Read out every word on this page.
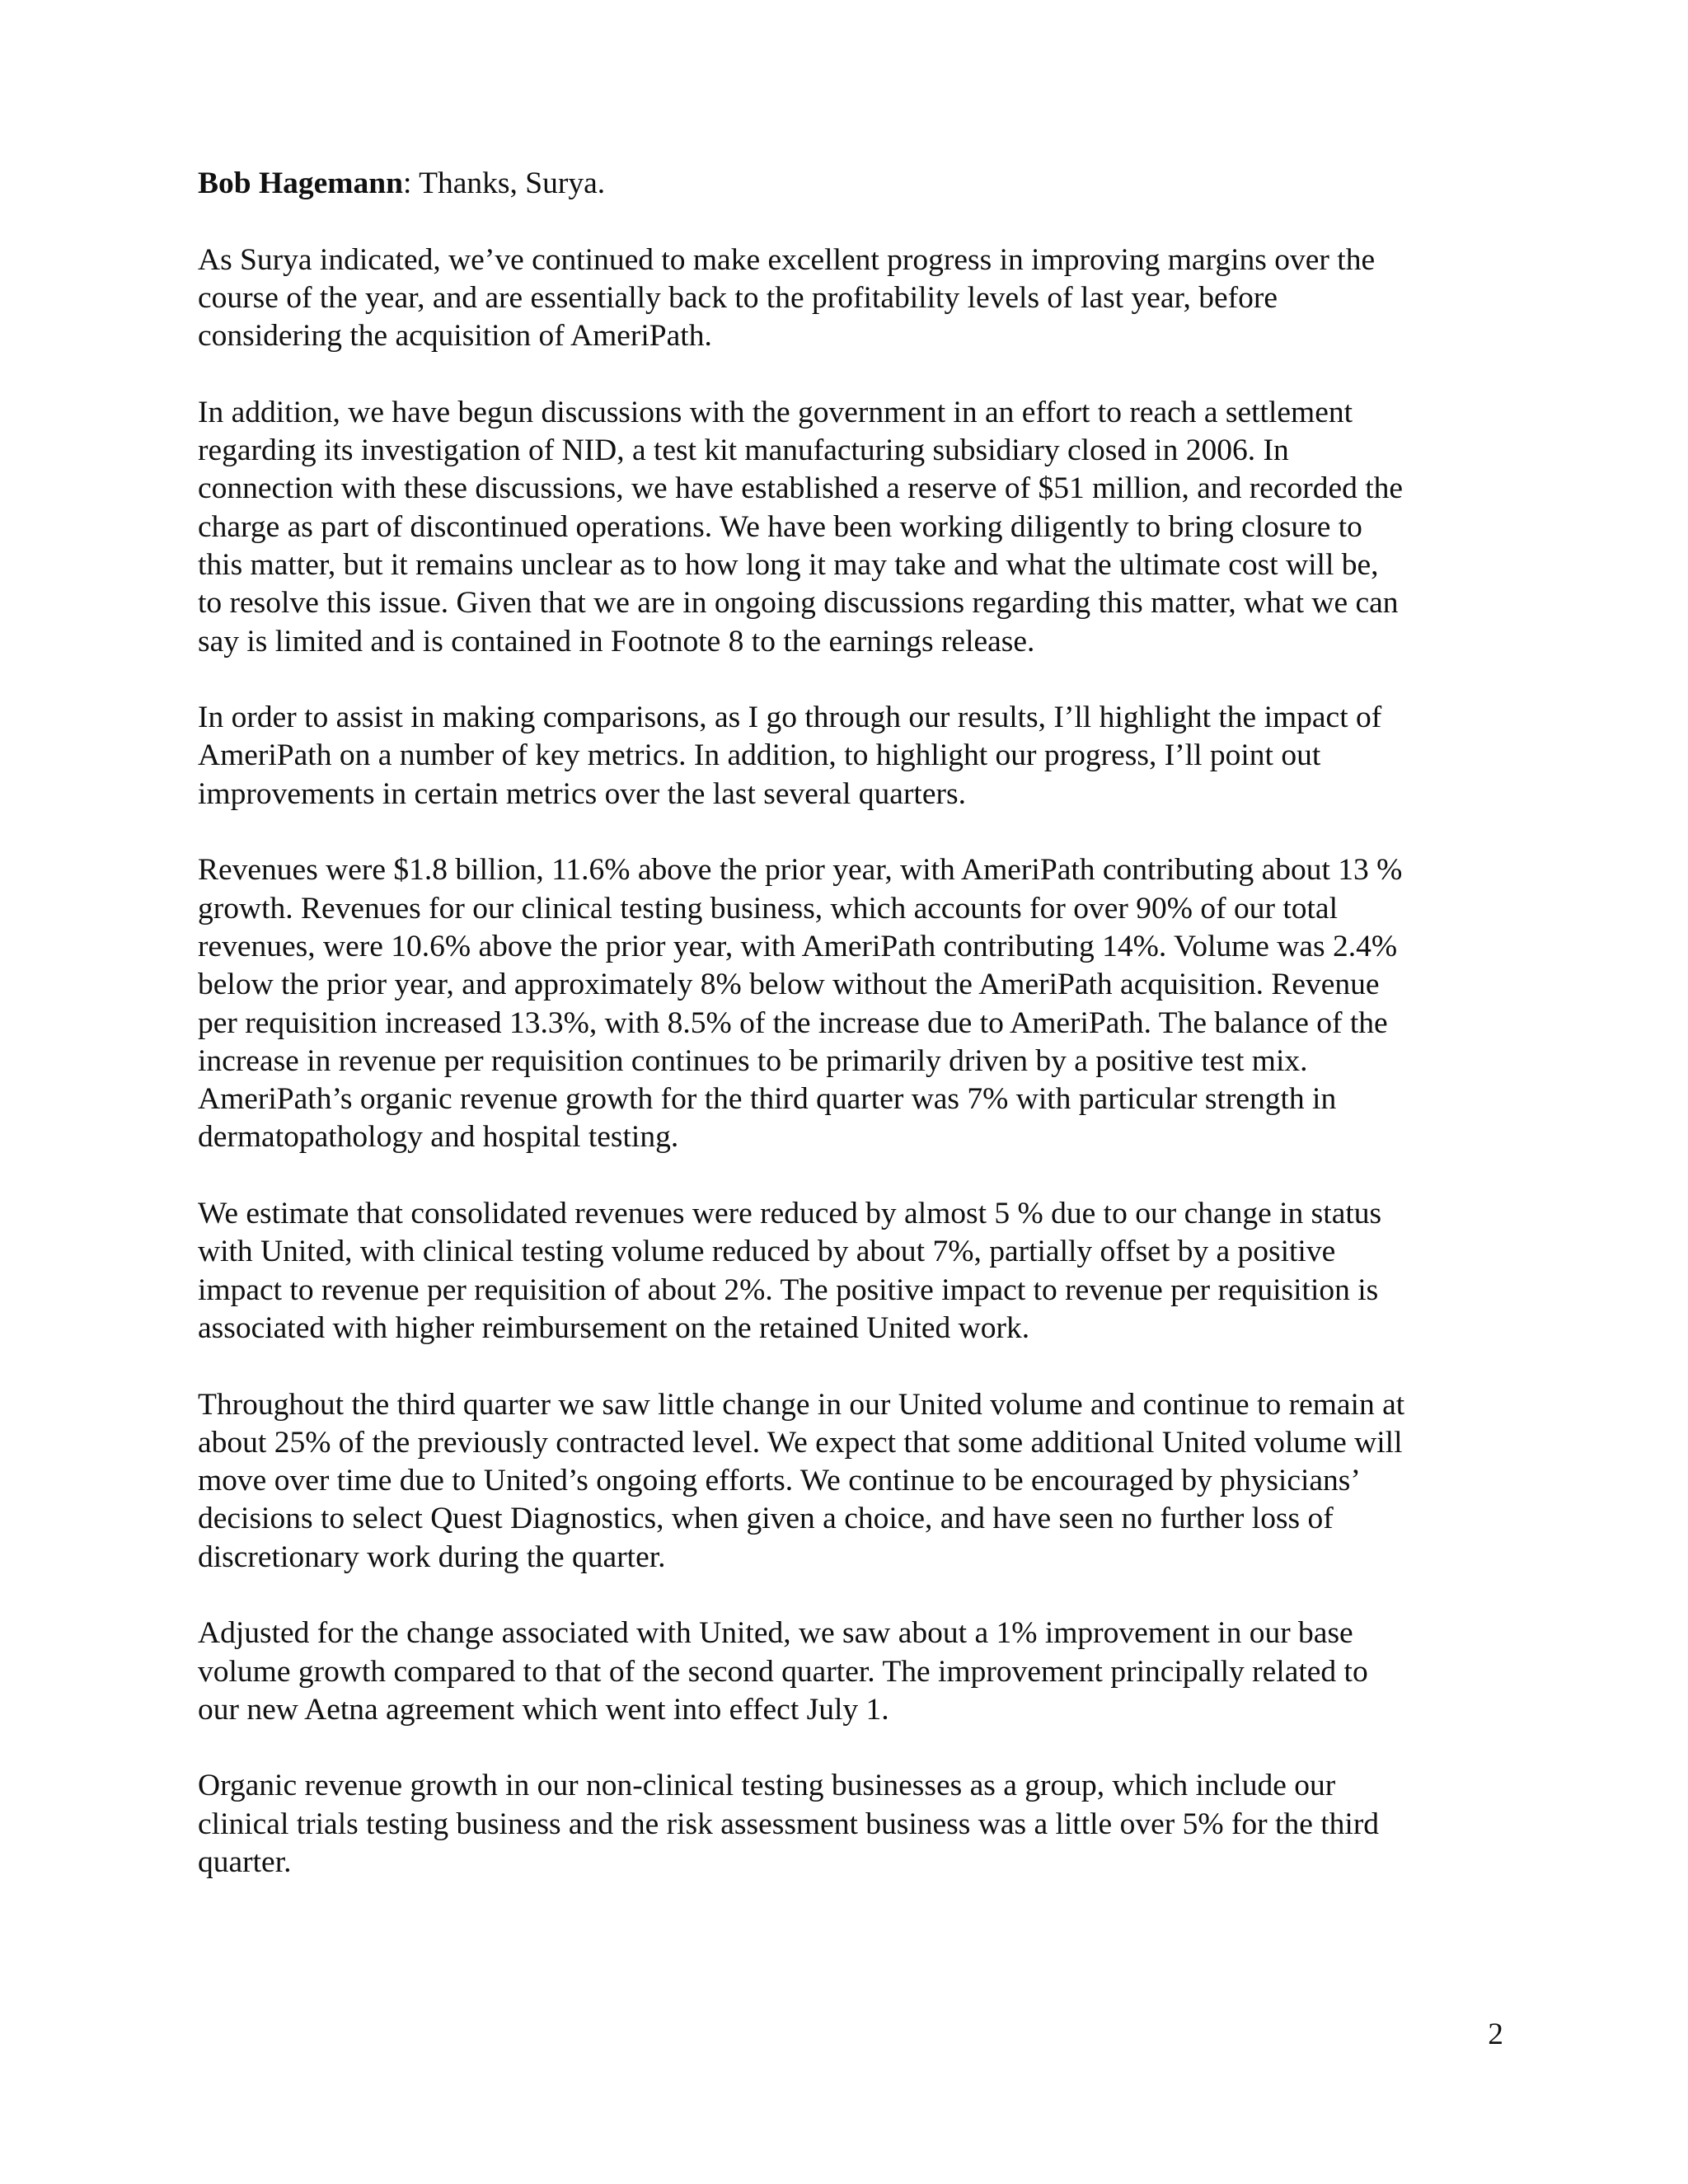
Bob Hagemann: Thanks, Surya.

As Surya indicated, we’ve continued to make excellent progress in improving margins over the course of the year, and are essentially back to the profitability levels of last year, before considering the acquisition of AmeriPath.

In addition, we have begun discussions with the government in an effort to reach a settlement regarding its investigation of NID, a test kit manufacturing subsidiary closed in 2006. In connection with these discussions, we have established a reserve of $51 million, and recorded the charge as part of discontinued operations. We have been working diligently to bring closure to this matter, but it remains unclear as to how long it may take and what the ultimate cost will be, to resolve this issue. Given that we are in ongoing discussions regarding this matter, what we can say is limited and is contained in Footnote 8 to the earnings release.

In order to assist in making comparisons, as I go through our results, I’ll highlight the impact of AmeriPath on a number of key metrics. In addition, to highlight our progress, I’ll point out improvements in certain metrics over the last several quarters.

Revenues were $1.8 billion, 11.6% above the prior year, with AmeriPath contributing about 13 % growth. Revenues for our clinical testing business, which accounts for over 90% of our total revenues, were 10.6% above the prior year, with AmeriPath contributing 14%. Volume was 2.4% below the prior year, and approximately 8% below without the AmeriPath acquisition. Revenue per requisition increased 13.3%, with 8.5% of the increase due to AmeriPath. The balance of the increase in revenue per requisition continues to be primarily driven by a positive test mix. AmeriPath’s organic revenue growth for the third quarter was 7% with particular strength in dermatopathology and hospital testing.

We estimate that consolidated revenues were reduced by almost 5 % due to our change in status with United, with clinical testing volume reduced by about 7%, partially offset by a positive impact to revenue per requisition of about 2%. The positive impact to revenue per requisition is associated with higher reimbursement on the retained United work.

Throughout the third quarter we saw little change in our United volume and continue to remain at about 25% of the previously contracted level. We expect that some additional United volume will move over time due to United’s ongoing efforts. We continue to be encouraged by physicians’ decisions to select Quest Diagnostics, when given a choice, and have seen no further loss of discretionary work during the quarter.

Adjusted for the change associated with United, we saw about a 1% improvement in our base volume growth compared to that of the second quarter. The improvement principally related to our new Aetna agreement which went into effect July 1.

Organic revenue growth in our non-clinical testing businesses as a group, which include our clinical trials testing business and the risk assessment business was a little over 5% for the third quarter.

2
